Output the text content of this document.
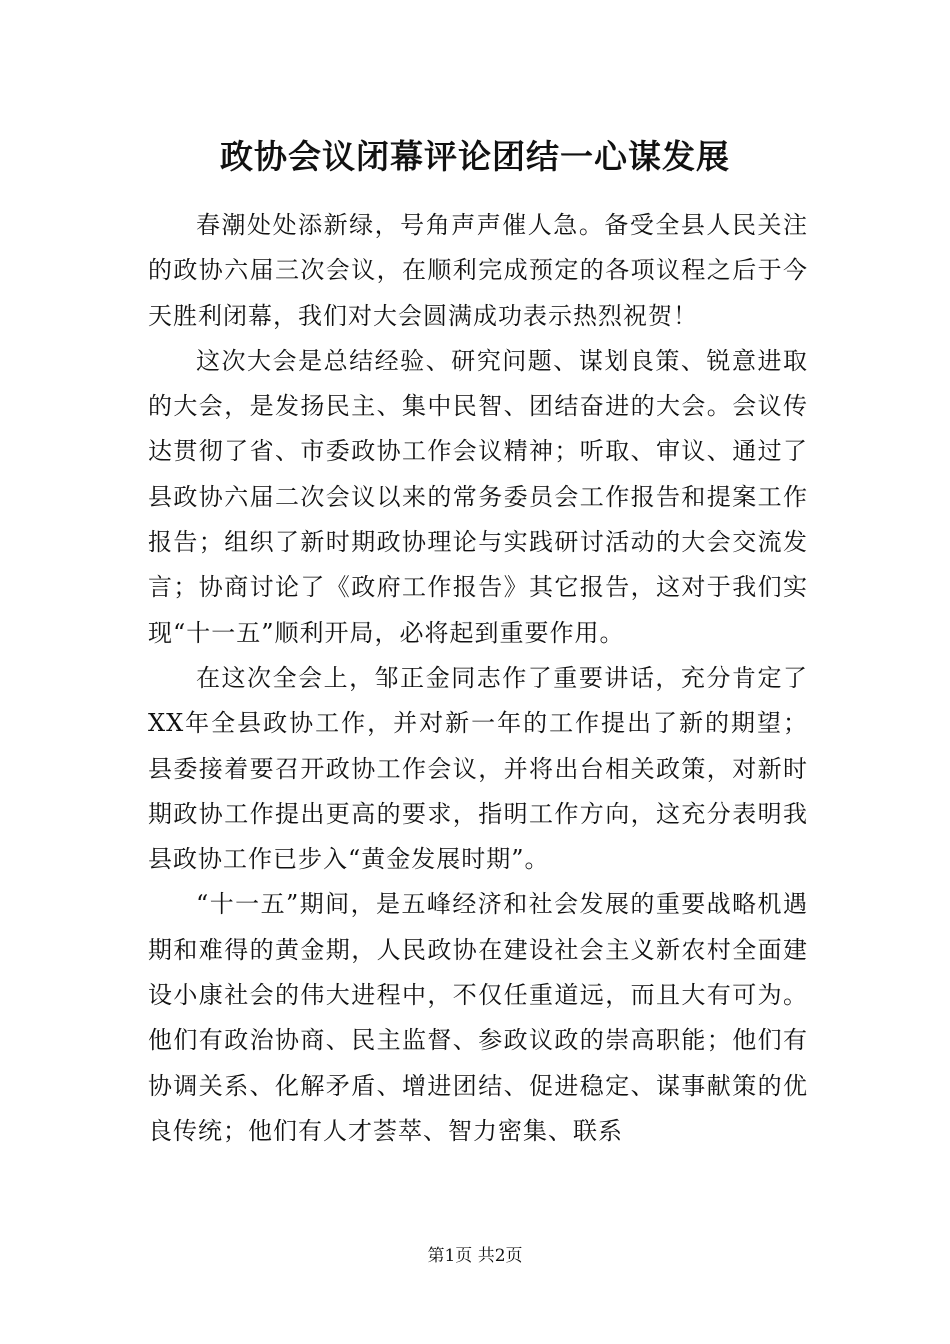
政协会议闭幕评论团结一心谋发展

春潮处处添新绿，号角声声催人急。备受全县人民关注的政协六届三次会议，在顺利完成预定的各项议程之后于今天胜利闭幕，我们对大会圆满成功表示热烈祝贺！

这次大会是总结经验、研究问题、谋划良策、锐意进取的大会，是发扬民主、集中民智、团结奋进的大会。会议传达贯彻了省、市委政协工作会议精神；听取、审议、通过了县政协六届二次会议以来的常务委员会工作报告和提案工作报告；组织了新时期政协理论与实践研讨活动的大会交流发言；协商讨论了《政府工作报告》其它报告，这对于我们实现“十一五”顺利开局，必将起到重要作用。

在这次全会上，邹正金同志作了重要讲话，充分肯定了XX年全县政协工作，并对新一年的工作提出了新的期望；县委接着要召开政协工作会议，并将出台相关政策，对新时期政协工作提出更高的要求，指明工作方向，这充分表明我县政协工作已步入“黄金发展时期”。

“十一五”期间，是五峰经济和社会发展的重要战略机遇期和难得的黄金期，人民政协在建设社会主义新农村全面建设小康社会的伟大进程中，不仅任重道远，而且大有可为。他们有政治协商、民主监督、参政议政的崇高职能；他们有协调关系、化解矛盾、增进团结、促进稳定、谋事献策的优良传统；他们有人才荟萃、智力密集、联系

第1页 共2页
